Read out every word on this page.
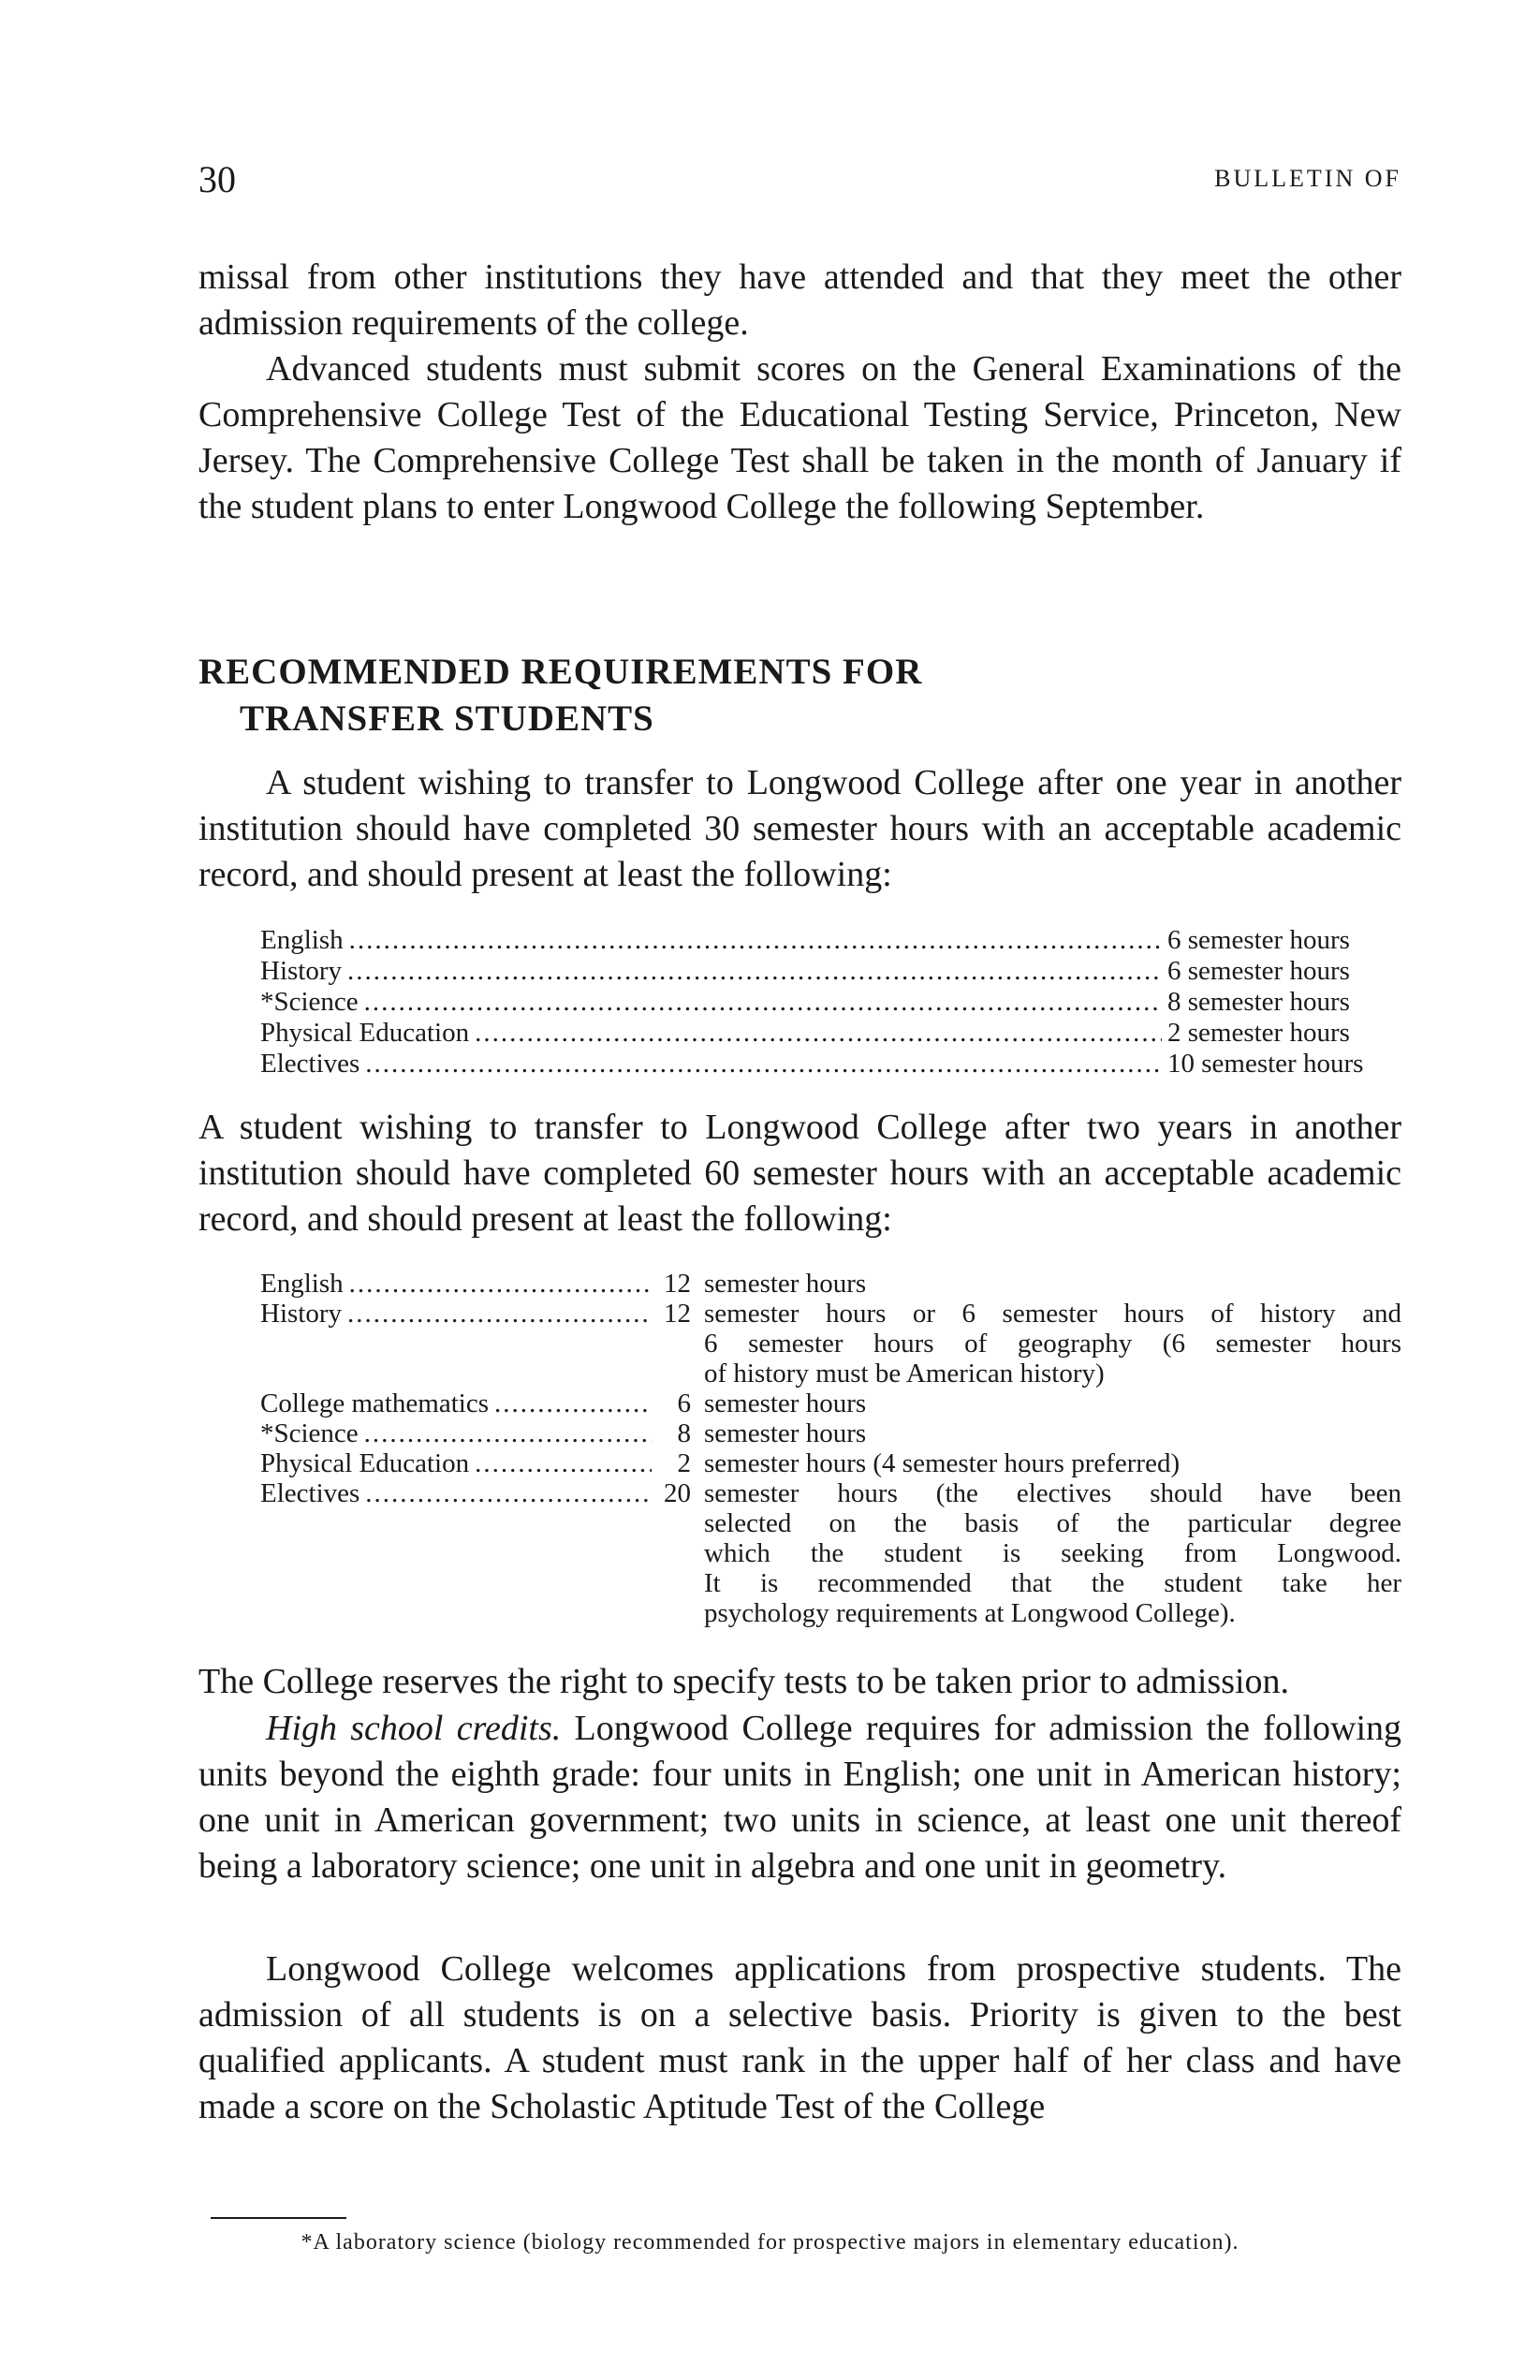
30	BULLETIN OF

missal from other institutions they have attended and that they meet the other admission requirements of the college.

Advanced students must submit scores on the General Examinations of the Comprehensive College Test of the Educational Testing Service, Princeton, New Jersey. The Comprehensive College Test shall be taken in the month of January if the student plans to enter Longwood College the following September.

RECOMMENDED REQUIREMENTS FOR
TRANSFER STUDENTS

A student wishing to transfer to Longwood College after one year in another institution should have completed 30 semester hours with an acceptable academic record, and should present at least the following:

English .....	6 semester hours
History .....	6 semester hours
*Science .....	8 semester hours
Physical Education .....	2 semester hours
Electives .....	10 semester hours

A student wishing to transfer to Longwood College after two years in another institution should have completed 60 semester hours with an acceptable academic record, and should present at least the following:

English .....	12 semester hours
History .....	12 semester hours or 6 semester hours of history and
6 semester hours of geography (6 semester hours
of history must be American history)
College mathematics .....	6 semester hours
*Science .....	8 semester hours
Physical Education .....	2 semester hours (4 semester hours preferred)
Electives .....	20 semester hours (the electives should have been
selected on the basis of the particular degree
which the student is seeking from Longwood.
It is recommended that the student take her
psychology requirements at Longwood College).

The College reserves the right to specify tests to be taken prior to admission.

High school credits. Longwood College requires for admission the following units beyond the eighth grade: four units in English; one unit in American history; one unit in American government; two units in science, at least one unit thereof being a laboratory science; one unit in algebra and one unit in geometry.

Longwood College welcomes applications from prospective students. The admission of all students is on a selective basis. Priority is given to the best qualified applicants. A student must rank in the upper half of her class and have made a score on the Scholastic Aptitude Test of the College

*A laboratory science (biology recommended for prospective majors in elementary education).
